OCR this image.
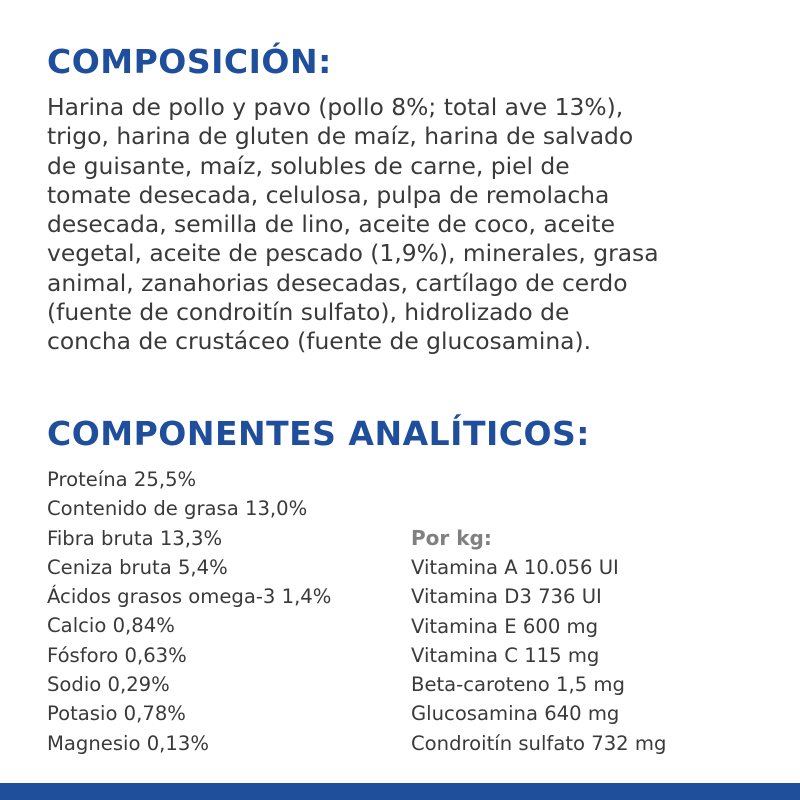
COMPOSICIÓN:
Harina de pollo y pavo (pollo 8%; total ave 13%),
trigo, harina de gluten de maíz, harina de salvado
de guisante, maíz, solubles de carne, piel de
tomate desecada, celulosa, pulpa de remolacha
desecada, semilla de lino, aceite de coco, aceite
vegetal, aceite de pescado (1,9%), minerales, grasa
animal, zanahorias desecadas, cartílago de cerdo
(fuente de condroitín sulfato), hidrolizado de
concha de crustáceo (fuente de glucosamina).
COMPONENTES ANALÍTICOS:
Proteína 25,5%
Contenido de grasa 13,0%
Fibra bruta 13,3%
Ceniza bruta 5,4%
Ácidos grasos omega-3 1,4%
Calcio 0,84%
Fósforo 0,63%
Sodio 0,29%
Potasio 0,78%
Magnesio 0,13%
Por kg:
Vitamina A 10.056 UI
Vitamina D3 736 UI
Vitamina E 600 mg
Vitamina C 115 mg
Beta-caroteno 1,5 mg
Glucosamina 640 mg
Condroitín sulfato 732 mg
